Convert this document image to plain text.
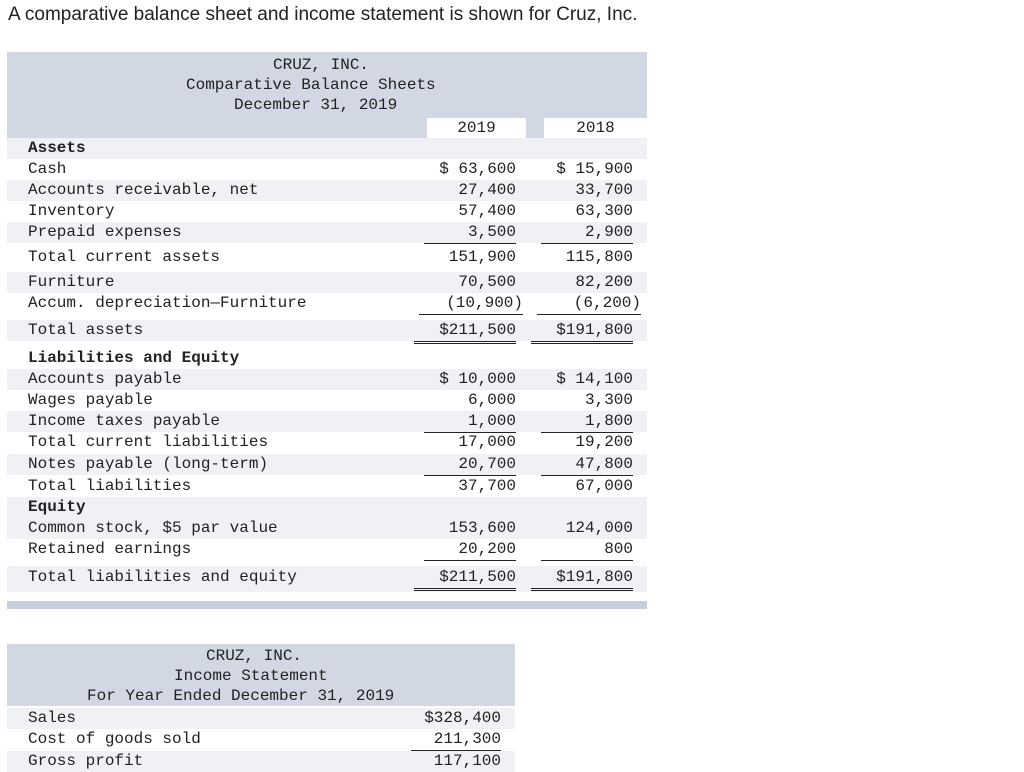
A comparative balance sheet and income statement is shown for Cruz, Inc.

CRUZ, INC.
Comparative Balance Sheets
December 31, 2019
2019	2018
Assets
Cash	$ 63,600	$ 15,900
Accounts receivable, net	27,400	33,700
Inventory	57,400	63,300
Prepaid expenses	3,500	2,900
Total current assets	151,900	115,800
Furniture	70,500	82,200
Accum. depreciation—Furniture	(10,900)	(6,200)
Total assets	$211,500	$191,800
Liabilities and Equity
Accounts payable	$ 10,000	$ 14,100
Wages payable	6,000	3,300
Income taxes payable	1,000	1,800
Total current liabilities	17,000	19,200
Notes payable (long-term)	20,700	47,800
Total liabilities	37,700	67,000
Equity
Common stock, $5 par value	153,600	124,000
Retained earnings	20,200	800
Total liabilities and equity	$211,500	$191,800
CRUZ, INC.
Income Statement
For Year Ended December 31, 2019
Sales	$328,400
Cost of goods sold	211,300
Gross profit	117,100
